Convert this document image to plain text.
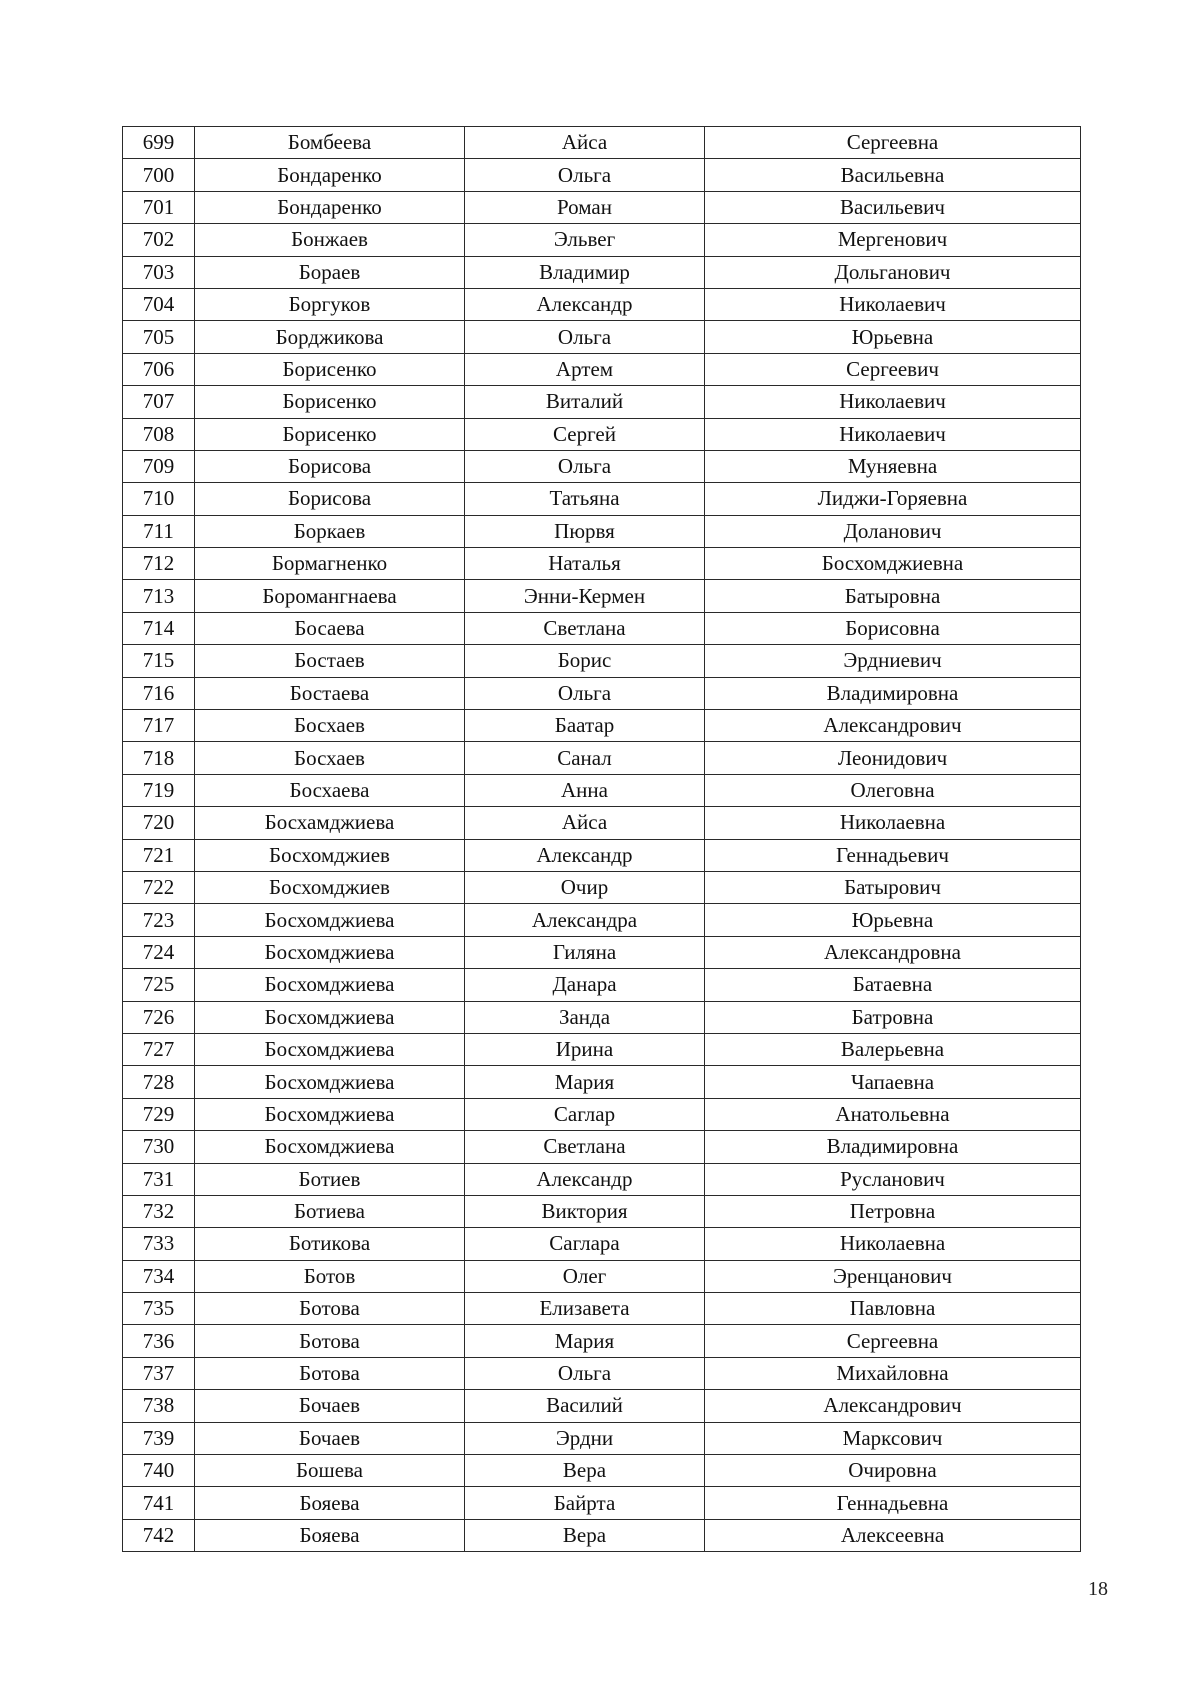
699	Бомбеева	Айса	Сергеевна
700	Бондаренко	Ольга	Васильевна
701	Бондаренко	Роман	Васильевич
702	Бонжаев	Эльвег	Мергенович
703	Бораев	Владимир	Дольганович
704	Боргуков	Александр	Николаевич
705	Борджикова	Ольга	Юрьевна
706	Борисенко	Артем	Сергеевич
707	Борисенко	Виталий	Николаевич
708	Борисенко	Сергей	Николаевич
709	Борисова	Ольга	Муняевна
710	Борисова	Татьяна	Лиджи-Горяевна
711	Боркаев	Пюрвя	Доланович
712	Бормагненко	Наталья	Босхомджиевна
713	Боромангнаева	Энни-Кермен	Батыровна
714	Босаева	Светлана	Борисовна
715	Бостаев	Борис	Эрдниевич
716	Бостаева	Ольга	Владимировна
717	Босхаев	Баатар	Александрович
718	Босхаев	Санал	Леонидович
719	Босхаева	Анна	Олеговна
720	Босхамджиева	Айса	Николаевна
721	Босхомджиев	Александр	Геннадьевич
722	Босхомджиев	Очир	Батырович
723	Босхомджиева	Александра	Юрьевна
724	Босхомджиева	Гиляна	Александровна
725	Босхомджиева	Данара	Батаевна
726	Босхомджиева	Занда	Батровна
727	Босхомджиева	Ирина	Валерьевна
728	Босхомджиева	Мария	Чапаевна
729	Босхомджиева	Саглар	Анатольевна
730	Босхомджиева	Светлана	Владимировна
731	Ботиев	Александр	Русланович
732	Ботиева	Виктория	Петровна
733	Ботикова	Саглара	Николаевна
734	Ботов	Олег	Эренцанович
735	Ботова	Елизавета	Павловна
736	Ботова	Мария	Сергеевна
737	Ботова	Ольга	Михайловна
738	Бочаев	Василий	Александрович
739	Бочаев	Эрдни	Марксович
740	Бошева	Вера	Очировна
741	Бояева	Байрта	Геннадьевна
742	Бояева	Вера	Алексеевна
18
